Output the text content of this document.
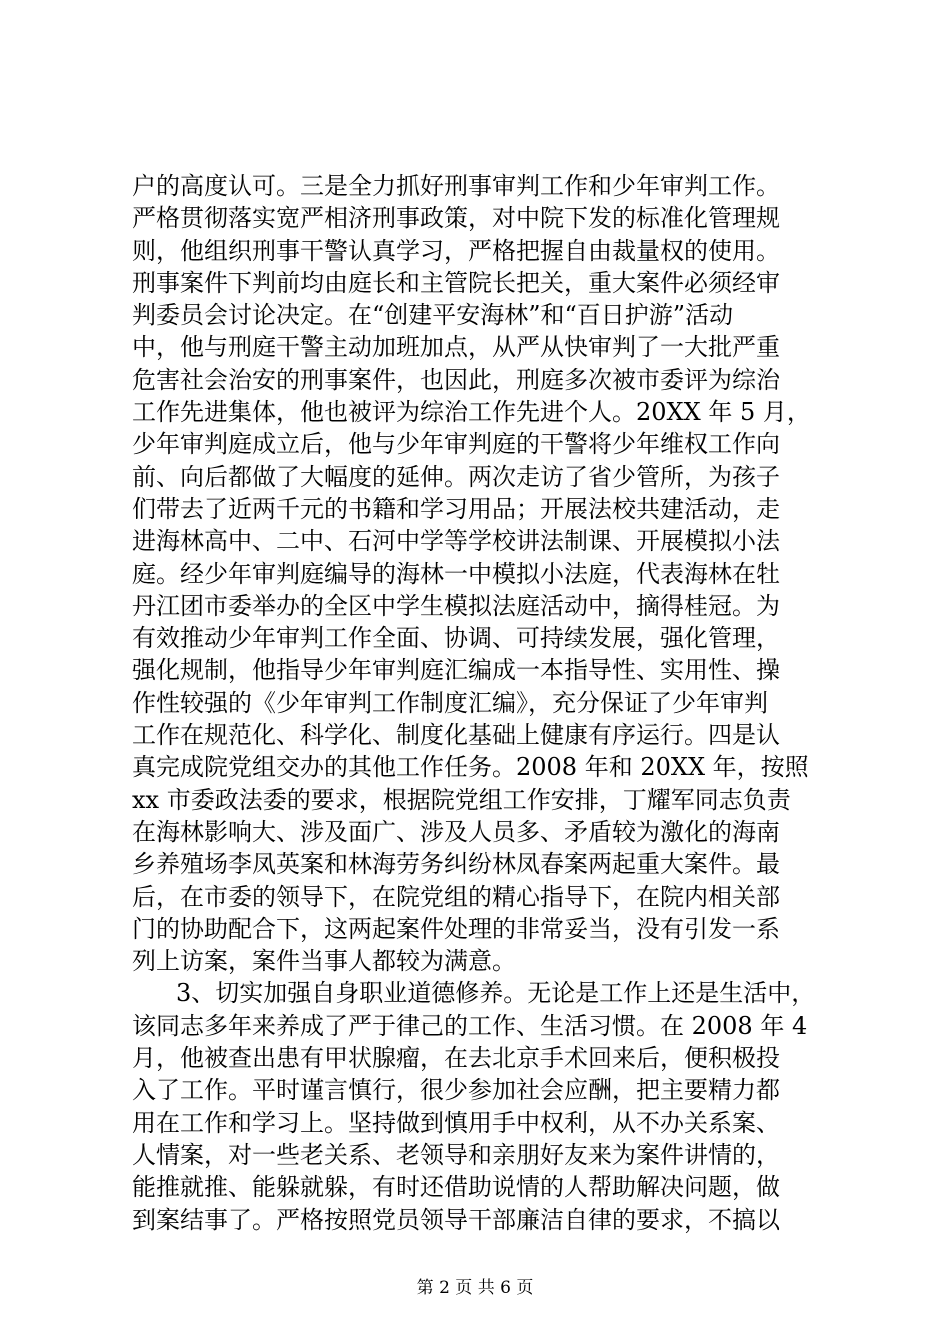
户的高度认可。三是全力抓好刑事审判工作和少年审判工作。
严格贯彻落实宽严相济刑事政策，对中院下发的标准化管理规
则，他组织刑事干警认真学习，严格把握自由裁量权的使用。
刑事案件下判前均由庭长和主管院长把关，重大案件必须经审
判委员会讨论决定。在“创建平安海林”和“百日护游”活动
中，他与刑庭干警主动加班加点，从严从快审判了一大批严重
危害社会治安的刑事案件，也因此，刑庭多次被市委评为综治
工作先进集体，他也被评为综治工作先进个人。20XX 年 5 月，
少年审判庭成立后，他与少年审判庭的干警将少年维权工作向
前、向后都做了大幅度的延伸。两次走访了省少管所，为孩子
们带去了近两千元的书籍和学习用品；开展法校共建活动，走
进海林高中、二中、石河中学等学校讲法制课、开展模拟小法
庭。经少年审判庭编导的海林一中模拟小法庭，代表海林在牡
丹江团市委举办的全区中学生模拟法庭活动中，摘得桂冠。为
有效推动少年审判工作全面、协调、可持续发展，强化管理，
强化规制，他指导少年审判庭汇编成一本指导性、实用性、操
作性较强的《少年审判工作制度汇编》，充分保证了少年审判
工作在规范化、科学化、制度化基础上健康有序运行。四是认
真完成院党组交办的其他工作任务。2008 年和 20XX 年，按照
xx 市委政法委的要求，根据院党组工作安排，丁耀军同志负责
在海林影响大、涉及面广、涉及人员多、矛盾较为激化的海南
乡养殖场李凤英案和林海劳务纠纷林凤春案两起重大案件。最
后，在市委的领导下，在院党组的精心指导下，在院内相关部
门的协助配合下，这两起案件处理的非常妥当，没有引发一系
列上访案，案件当事人都较为满意。
3、切实加强自身职业道德修养。无论是工作上还是生活中，
该同志多年来养成了严于律己的工作、生活习惯。在 2008 年 4
月，他被查出患有甲状腺瘤，在去北京手术回来后，便积极投
入了工作。平时谨言慎行，很少参加社会应酬，把主要精力都
用在工作和学习上。坚持做到慎用手中权利，从不办关系案、
人情案，对一些老关系、老领导和亲朋好友来为案件讲情的，
能推就推、能躲就躲，有时还借助说情的人帮助解决问题，做
到案结事了。严格按照党员领导干部廉洁自律的要求，不搞以
第 2 页 共 6 页
